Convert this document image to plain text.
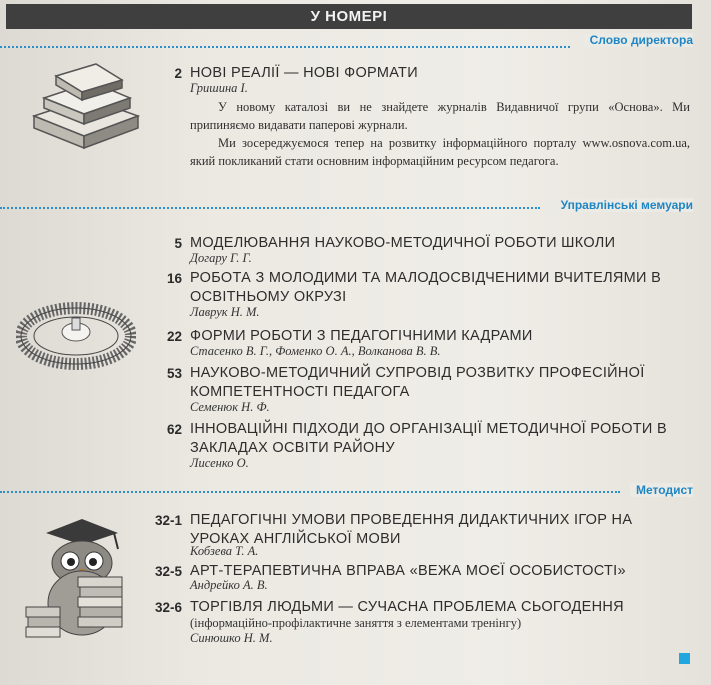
У НОМЕРІ
Слово директора
2 НОВІ РЕАЛІЇ — НОВІ ФОРМАТИ
Гришина І.

У новому каталозі ви не знайдете журналів Видавничої групи «Основа». Ми припиняємо видавати паперові журнали.

Ми зосереджуємося тепер на розвитку інформаційного порталу www.osnova.com.ua, який покликаний стати основним інформаційним ресурсом педагога.

Управлінські мемуари
5 МОДЕЛЮВАННЯ НАУКОВО-МЕТОДИЧНОЇ РОБОТИ ШКОЛИ
Догару Г. Г.
16 РОБОТА З МОЛОДИМИ ТА МАЛОДОСВІДЧЕНИМИ ВЧИТЕЛЯМИ В ОСВІТНЬОМУ ОКРУЗІ
Лаврук Н. М.
22 ФОРМИ РОБОТИ З ПЕДАГОГІЧНИМИ КАДРАМИ
Стасенко В. Г., Фоменко О. А., Волканова В. В.
53 НАУКОВО-МЕТОДИЧНИЙ СУПРОВІД РОЗВИТКУ ПРОФЕСІЙНОЇ КОМПЕТЕНТНОСТІ ПЕДАГОГА
Семенюк Н. Ф.
62 ІННОВАЦІЙНІ ПІДХОДИ ДО ОРГАНІЗАЦІЇ МЕТОДИЧНОЇ РОБОТИ В ЗАКЛАДАХ ОСВІТИ РАЙОНУ
Лисенко О.
Методист
32-1 ПЕДАГОГІЧНІ УМОВИ ПРОВЕДЕННЯ ДИДАКТИЧНИХ ІГОР НА УРОКАХ АНГЛІЙСЬКОЇ МОВИ
Кобзева Т. А.
32-5 АРТ-ТЕРАПЕВТИЧНА ВПРАВА «ВЕЖА МОЄЇ ОСОБИСТОСТІ»
Андрейко А. В.
32-6 ТОРГІВЛЯ ЛЮДЬМИ — СУЧАСНА ПРОБЛЕМА СЬОГОДЕННЯ
(інформаційно-профілактичне заняття з елементами тренінгу)
Синюшко Н. М.
